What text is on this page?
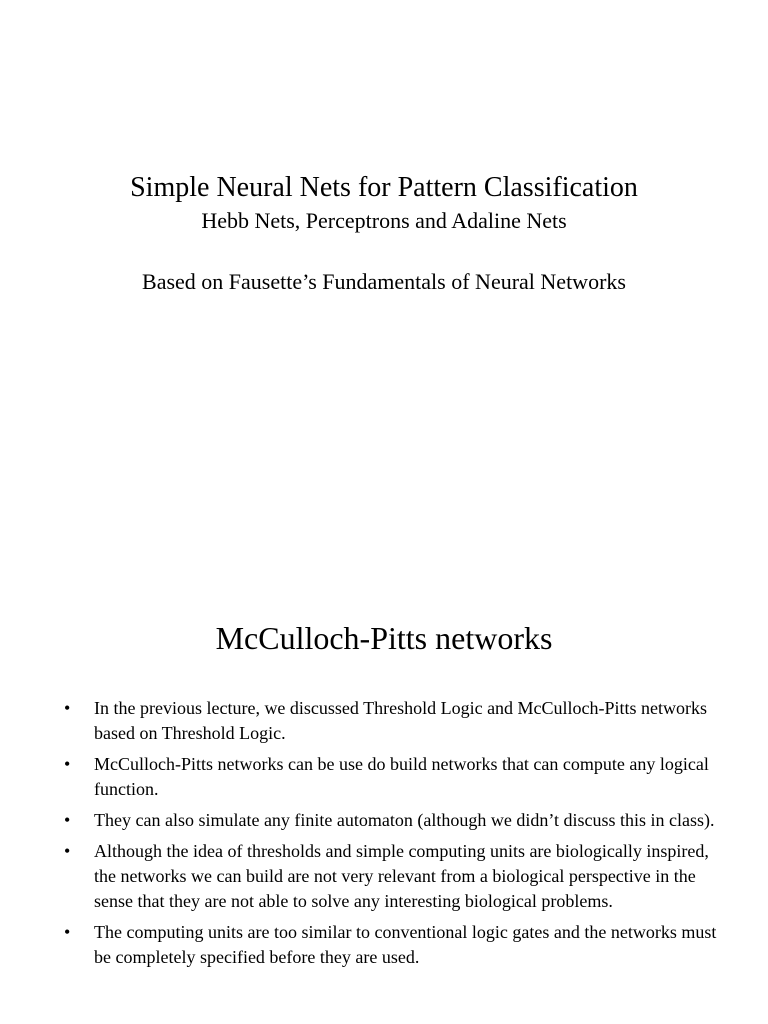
Simple Neural Nets for Pattern Classification
Hebb Nets, Perceptrons and Adaline Nets
Based on Fausette’s Fundamentals of Neural Networks
McCulloch-Pitts networks
• In the previous lecture, we discussed Threshold Logic and McCulloch-Pitts networks based on Threshold Logic.
• McCulloch-Pitts networks can be use do build networks that can compute any logical function.
• They can also simulate any finite automaton (although we didn’t discuss this in class).
• Although the idea of thresholds and simple computing units are biologically inspired, the networks we can build are not very relevant from a biological perspective in the sense that they are not able to solve any interesting biological problems.
• The computing units are too similar to conventional logic gates and the networks must be completely specified before they are used.
